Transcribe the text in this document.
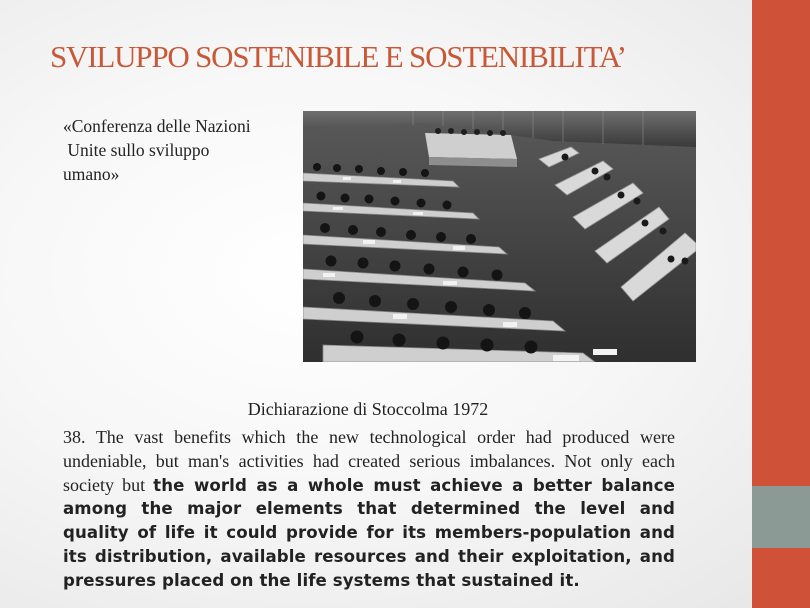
SVILUPPO SOSTENIBILE E SOSTENIBILITA’
«Conferenza delle Nazioni
Unite sullo sviluppo
umano»

Dichiarazione di Stoccolma 1972

38. The vast benefits which the new technological order had produced were undeniable, but man's activities had created serious imbalances. Not only each society but the world as a whole must achieve a better balance among the major elements that determined the level and quality of life it could provide for its members-population and its distribution, available resources and their exploitation, and pressures placed on the life systems that sustained it.
